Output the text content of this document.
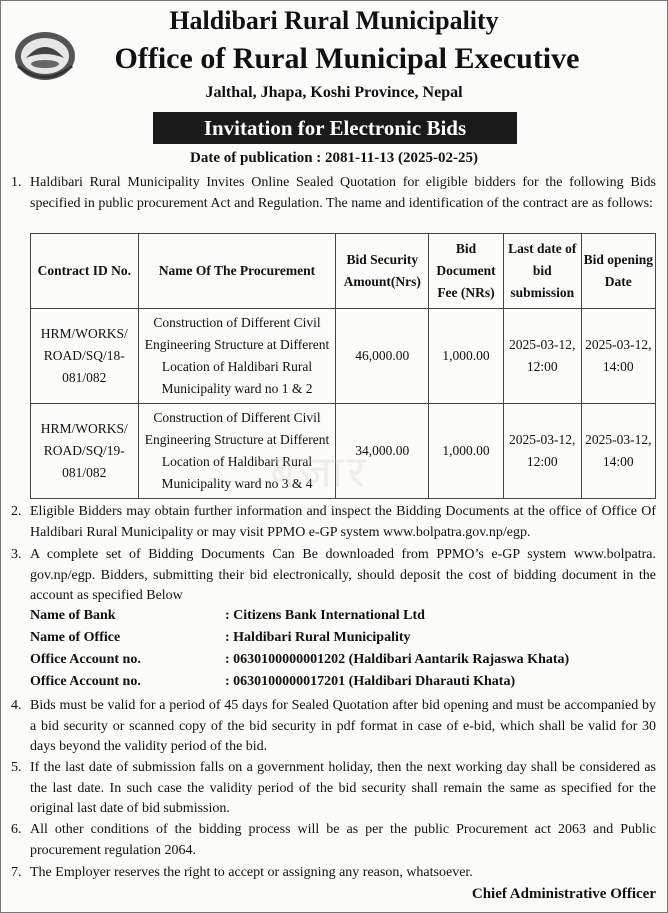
Haldibari Rural Municipality
Office of Rural Municipal Executive
Jalthal, Jhapa, Koshi Province, Nepal
Invitation for Electronic Bids
Date of publication : 2081-11-13 (2025-02-25)
1. Haldibari Rural Municipality Invites Online Sealed Quotation for eligible bidders for the following Bids specified in public procurement Act and Regulation. The name and identification of the contract are as follows:
Contract ID No.	Name Of The Procurement	Bid Security Amount(Nrs)	Bid Document Fee (NRs)	Last date of bid submission	Bid opening Date
HRM/WORKS/ ROAD/SQ/18- 081/082	Construction of Different Civil Engineering Structure at Different Location of Haldibari Rural Municipality ward no 1 & 2	46,000.00	1,000.00	2025-03-12, 12:00	2025-03-12, 14:00
HRM/WORKS/ ROAD/SQ/19- 081/082	Construction of Different Civil Engineering Structure at Different Location of Haldibari Rural Municipality ward no 3 & 4	34,000.00	1,000.00	2025-03-12, 12:00	2025-03-12, 14:00
बजार
2. Eligible Bidders may obtain further information and inspect the Bidding Documents at the office of Office Of Haldibari Rural Municipality or may visit PPMO e-GP system www.bolpatra.gov.np/egp.
3. A complete set of Bidding Documents Can Be downloaded from PPMO’s e-GP system www.bolpatra. gov.np/egp. Bidders, submitting their bid electronically, should deposit the cost of bidding document in the account as specified Below
Name of Bank	: Citizens Bank International Ltd
Name of Office	: Haldibari Rural Municipality
Office Account no.	: 0630100000001202 (Haldibari Aantarik Rajaswa Khata)
Office Account no.	: 0630100000017201 (Haldibari Dharauti Khata)
4. Bids must be valid for a period of 45 days for Sealed Quotation after bid opening and must be accompanied by a bid security or scanned copy of the bid security in pdf format in case of e-bid, which shall be valid for 30 days beyond the validity period of the bid.
5. If the last date of submission falls on a government holiday, then the next working day shall be considered as the last date. In such case the validity period of the bid security shall remain the same as specified for the original last date of bid submission.
6. All other conditions of the bidding process will be as per the public Procurement act 2063 and Public procurement regulation 2064.
7. The Employer reserves the right to accept or assigning any reason, whatsoever.
Chief Administrative Officer
